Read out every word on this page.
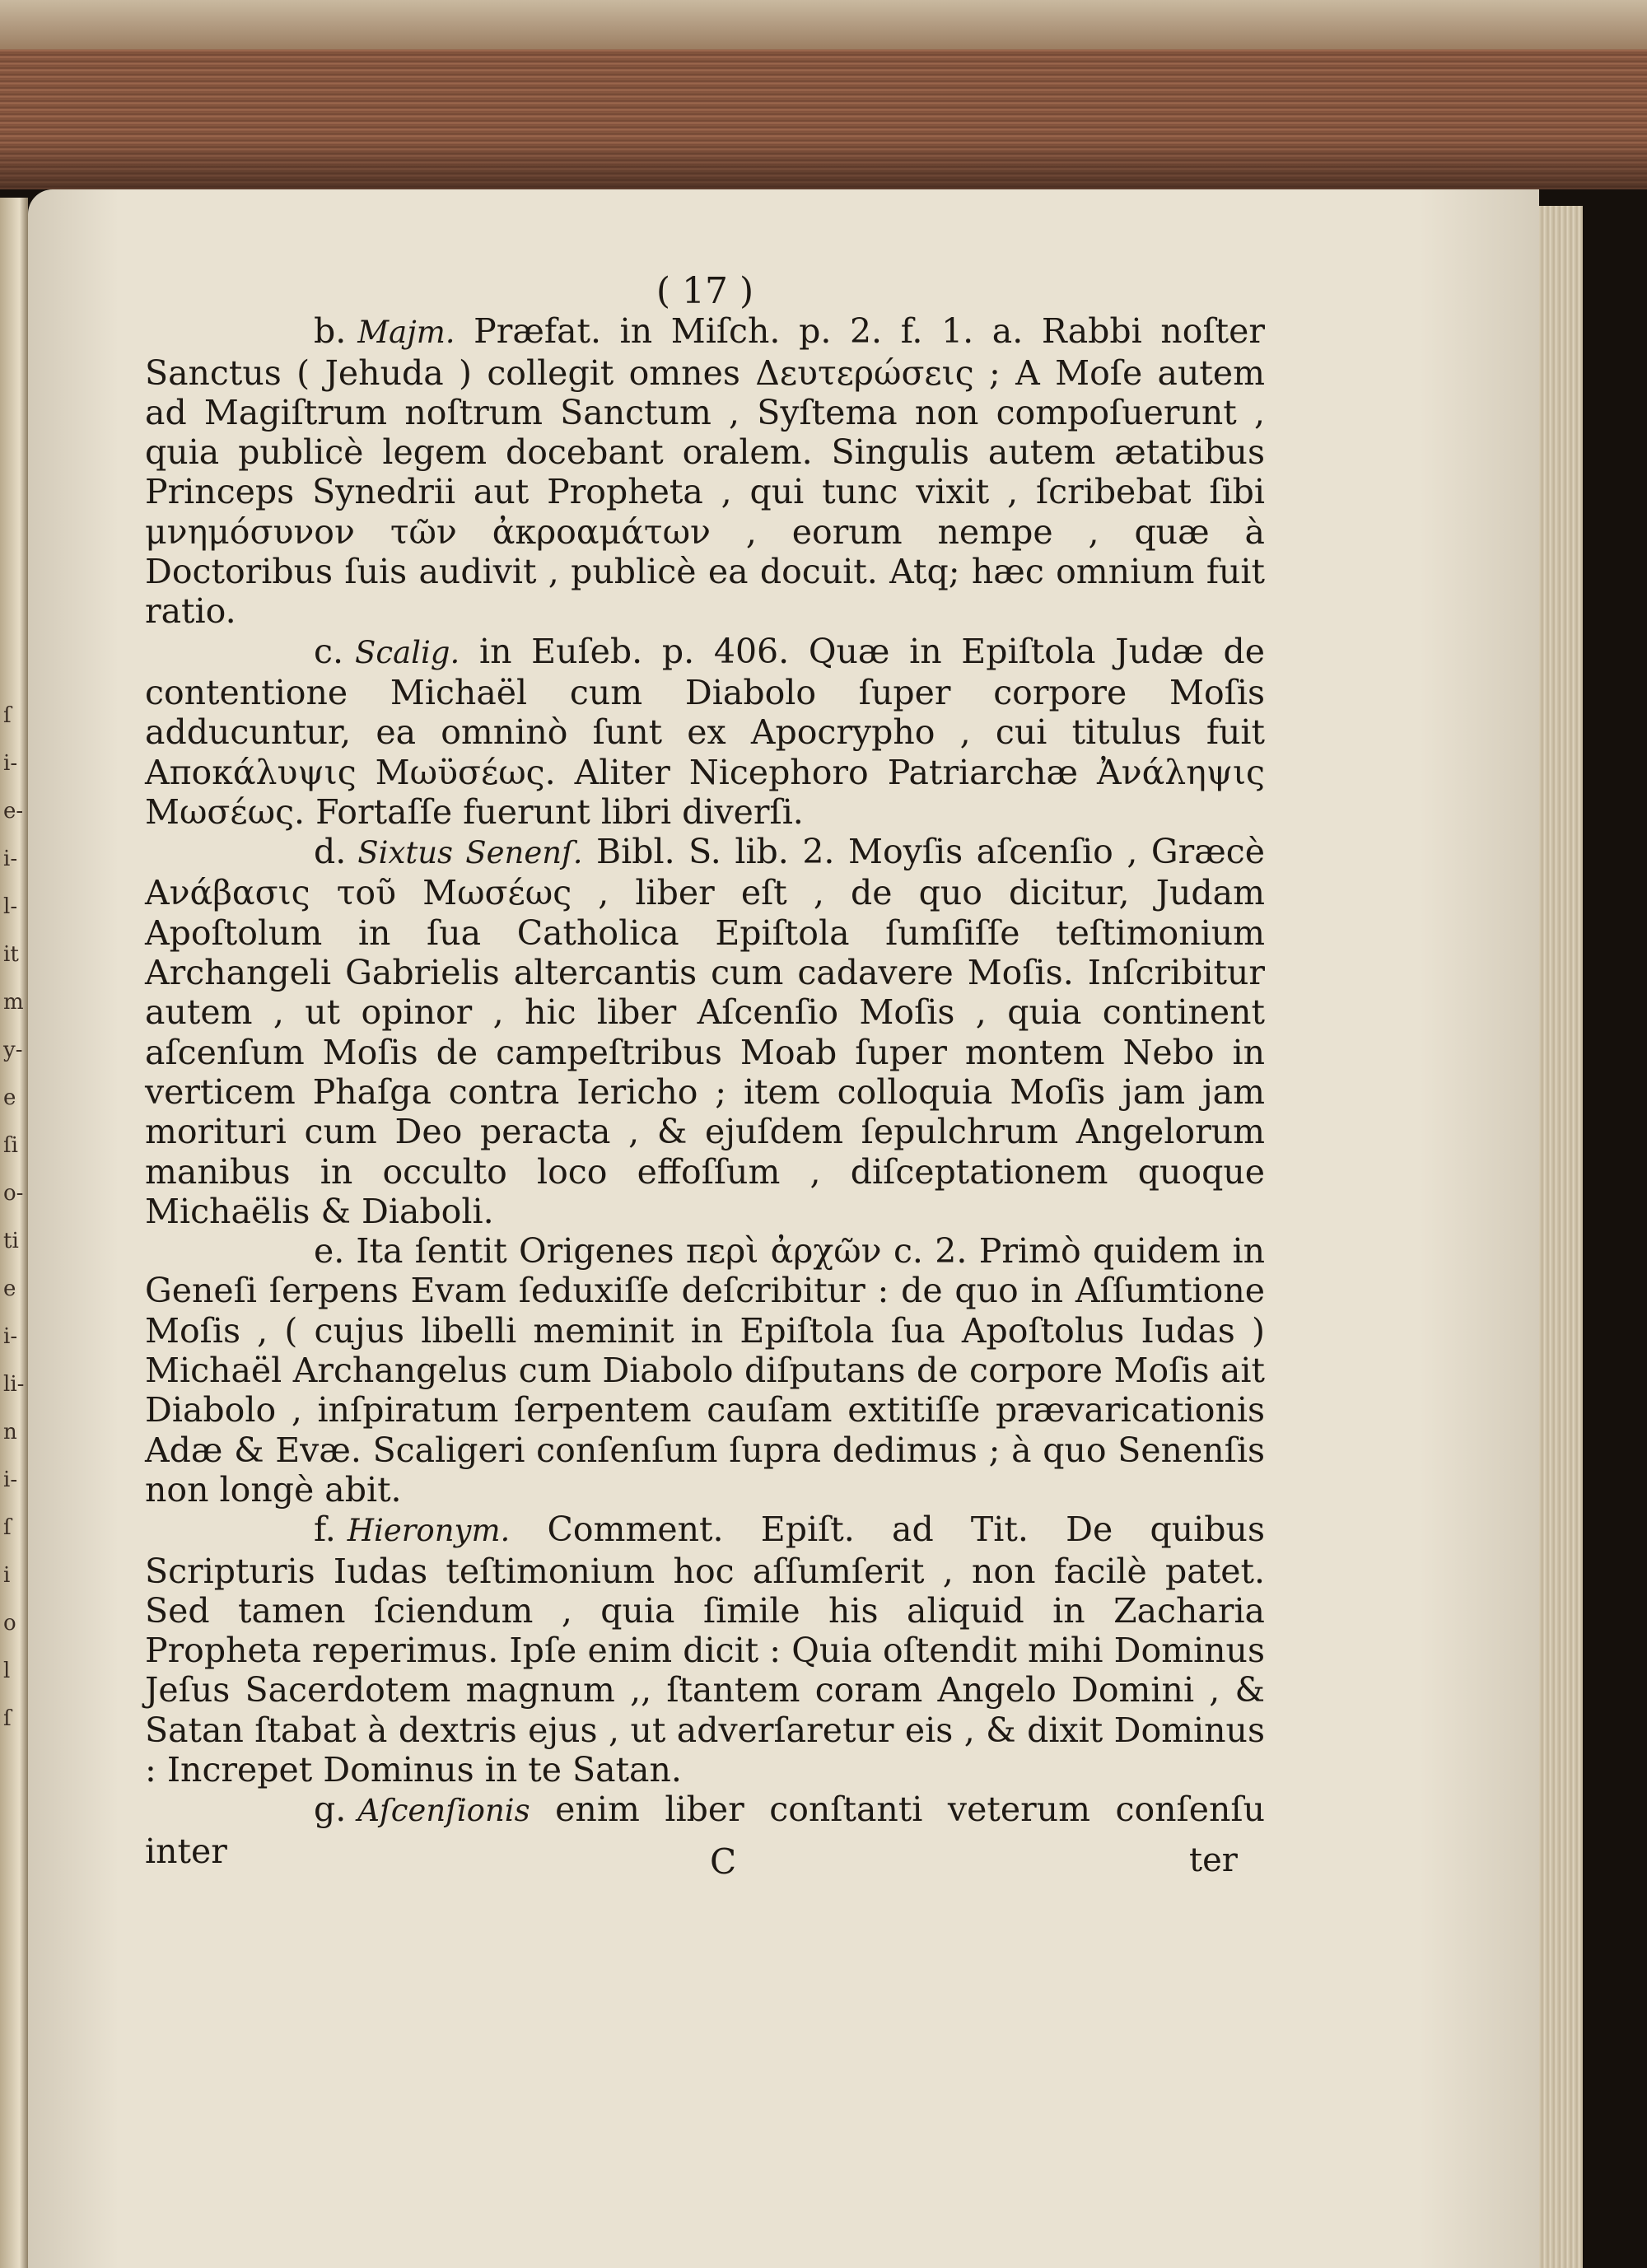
ſ
i-
e-
i-
l-
it
m
y-
e
ſi
o-
ti
e
i-
li-
n
i-
ſ
i
o
l
ſ

( 17 )

b. Majm. Præfat. in Miſch. p. 2. f. 1. a. Rabbi noſter Sanctus ( Jehuda ) collegit omnes Δευτερώσεις ; A Moſe autem ad Magiſtrum noſtrum Sanctum , Syſtema non compoſuerunt , quia publicè legem docebant oralem. Singulis autem ætatibus Princeps Synedrii aut Propheta , qui tunc vixit , ſcribebat ſibi μνημόσυνον τῶν ἀκροαμάτων , eorum nempe , quæ à Doctoribus ſuis audivit , publicè ea docuit. Atq; hæc omnium fuit ratio.

c. Scalig. in Euſeb. p. 406. Quæ in Epiſtola Judæ de contentione Michaël cum Diabolo ſuper corpore Moſis adducuntur, ea omninò ſunt ex Apocrypho , cui titulus fuit Αποκάλυψις Μωϋσέως. Aliter Nicephoro Patriarchæ Ἀνάληψις Μωσέως. Fortaſſe fuerunt libri diverſi.

d. Sixtus Senenſ. Bibl. S. lib. 2. Moyſis aſcenſio , Græcè Ανάβασις τοῦ Μωσέως , liber eſt , de quo dicitur, Judam Apoſtolum in ſua Catholica Epiſtola ſumſiſſe teſtimonium Archangeli Gabrielis altercantis cum cadavere Moſis. Inſcribitur autem , ut opinor , hic liber Aſcenſio Moſis , quia continent aſcenſum Moſis de campeſtribus Moab ſuper montem Nebo in verticem Phaſga contra Iericho ; item colloquia Moſis jam jam morituri cum Deo peracta , & ejuſdem ſepulchrum Angelorum manibus in occulto loco effoſſum , diſceptationem quoque Michaëlis & Diaboli.

e. Ita ſentit Origenes περὶ ἀρχῶν c. 2. Primò quidem in Geneſi ſerpens Evam ſeduxiſſe deſcribitur : de quo in Aſſumtione Moſis , ( cujus libelli meminit in Epiſtola ſua Apoſtolus Iudas ) Michaël Archangelus cum Diabolo diſputans de corpore Moſis ait Diabolo , inſpiratum ſerpentem cauſam extitiſſe prævaricationis Adæ & Evæ. Scaligeri conſenſum ſupra dedimus ; à quo Senenſis non longè abit.

f. Hieronym. Comment. Epiſt. ad Tit. De quibus Scripturis Iudas teſtimonium hoc aſſumſerit , non facilè patet. Sed tamen ſciendum , quia ſimile his aliquid in Zacharia Propheta reperimus. Ipſe enim dicit : Quia oſtendit mihi Dominus Jeſus Sacerdotem magnum ,, ſtantem coram Angelo Domini , & Satan ſtabat à dextris ejus , ut adverſaretur eis , & dixit Dominus : Increpet Dominus in te Satan.

g. Aſcenſionis enim liber conſtanti veterum conſenſu inter	C	ter
